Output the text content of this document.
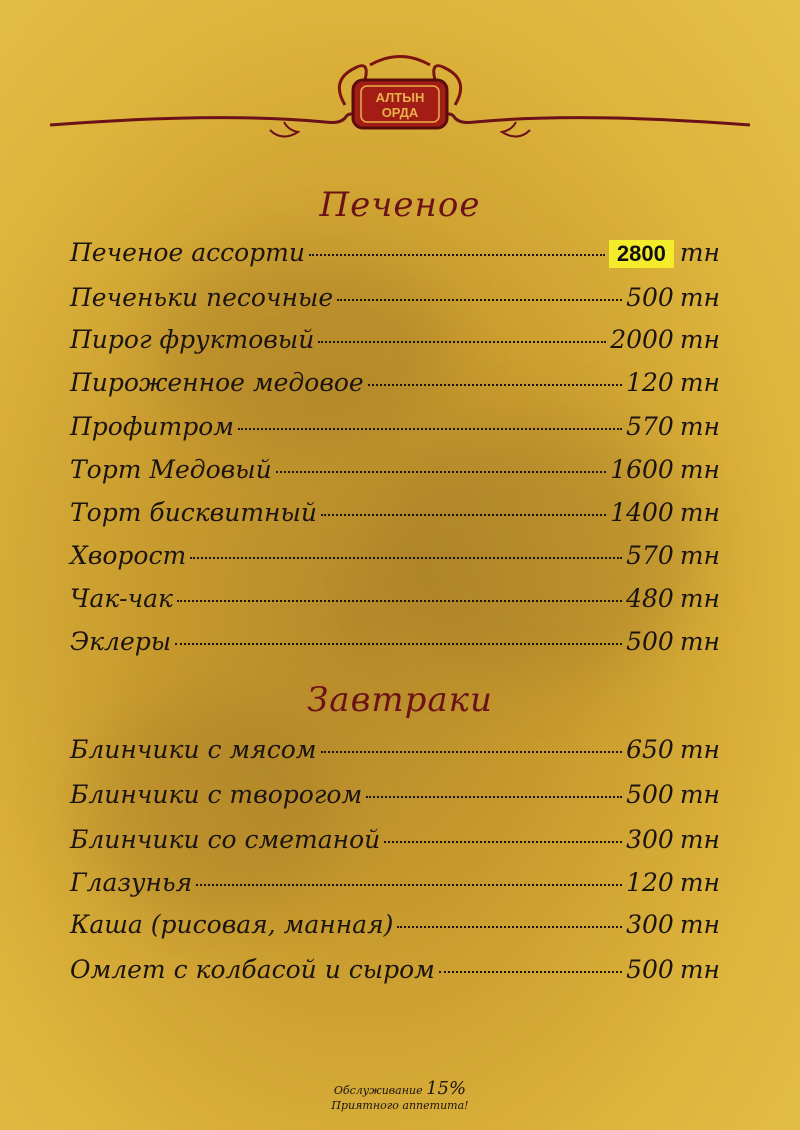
АЛТЫН
ОРДА
Печеное
Печеное ассорти	2800 тн
Печеньки песочные	500 тн
Пирог фруктовый	2000 тн
Пироженное медовое	120 тн
Профитром	570 тн
Торт Медовый	1600 тн
Торт бисквитный	1400 тн
Хворост	570 тн
Чак-чак	480 тн
Эклеры	500 тн
Завтраки
Блинчики с мясом	650 тн
Блинчики с творогом	500 тн
Блинчики со сметаной	300 тн
Глазунья	120 тн
Каша (рисовая, манная)	300 тн
Омлет с колбасой и сыром	500 тн
Обслуживание 15%
Приятного аппетита!
